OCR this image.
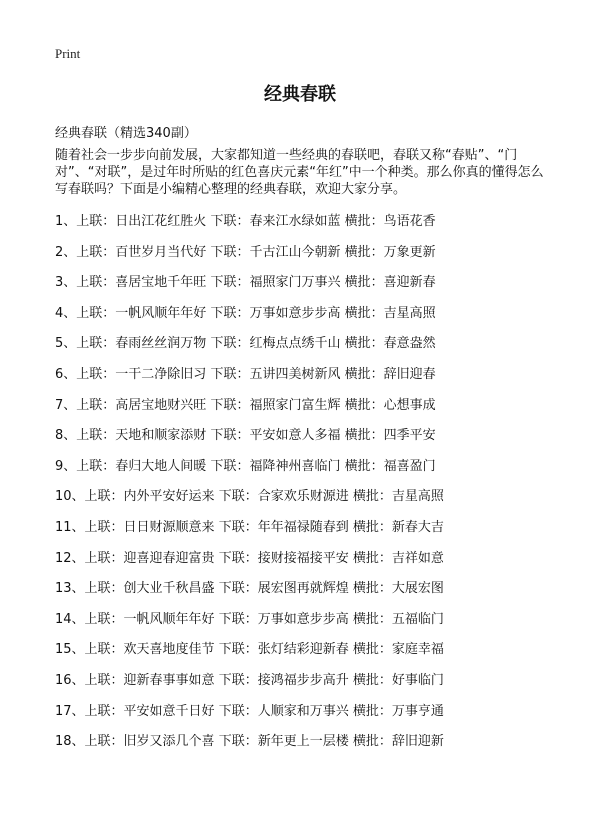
Print
经典春联
经典春联（精选340副）
随着社会一步步向前发展，大家都知道一些经典的春联吧，春联又称“春贴”、“门对”、“对联”，是过年时所贴的红色喜庆元素“年红”中一个种类。那么你真的懂得怎么写春联吗？下面是小编精心整理的经典春联，欢迎大家分享。
1、上联：日出江花红胜火 下联：春来江水绿如蓝 横批：鸟语花香
2、上联：百世岁月当代好 下联：千古江山今朝新 横批：万象更新
3、上联：喜居宝地千年旺 下联：福照家门万事兴 横批：喜迎新春
4、上联：一帆风顺年年好 下联：万事如意步步高 横批：吉星高照
5、上联：春雨丝丝润万物 下联：红梅点点绣千山 横批：春意盎然
6、上联：一干二净除旧习 下联：五讲四美树新风 横批：辞旧迎春
7、上联：高居宝地财兴旺 下联：福照家门富生辉 横批：心想事成
8、上联：天地和顺家添财 下联：平安如意人多福 横批：四季平安
9、上联：春归大地人间暖 下联：福降神州喜临门 横批：福喜盈门
10、上联：内外平安好运来 下联：合家欢乐财源进 横批：吉星高照
11、上联：日日财源顺意来 下联：年年福禄随春到 横批：新春大吉
12、上联：迎喜迎春迎富贵 下联：接财接福接平安 横批：吉祥如意
13、上联：创大业千秋昌盛 下联：展宏图再就辉煌 横批：大展宏图
14、上联：一帆风顺年年好 下联：万事如意步步高 横批：五福临门
15、上联：欢天喜地度佳节 下联：张灯结彩迎新春 横批：家庭幸福
16、上联：迎新春事事如意 下联：接鸿福步步高升 横批：好事临门
17、上联：平安如意千日好 下联：人顺家和万事兴 横批：万事亨通
18、上联：旧岁又添几个喜 下联：新年更上一层楼 横批：辞旧迎新
